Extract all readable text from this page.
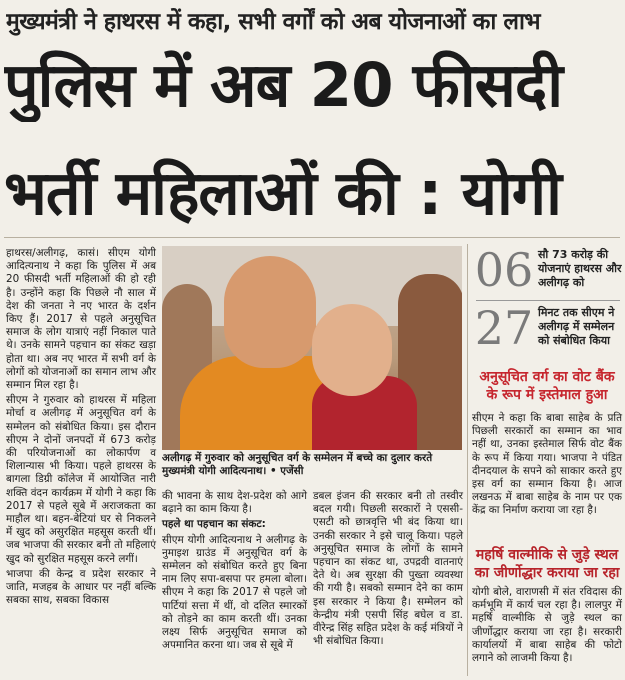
मुख्यमंत्री ने हाथरस में कहा, सभी वर्गों को अब योजनाओं का लाभ
पुलिस में अब 20 फीसदी
भर्ती महिलाओं की : योगी

हाथरस/अलीगढ़, कासं। सीएम योगी आदित्यनाथ ने कहा कि पुलिस में अब 20 फीसदी भर्ती महिलाओं की हो रही है। उन्होंने कहा कि पिछले नौ साल में देश की जनता ने नए भारत के दर्शन किए हैं। 2017 से पहले अनुसूचित समाज के लोग यात्राएं नहीं निकाल पाते थे। उनके सामने पहचान का संकट खड़ा होता था। अब नए भारत में सभी वर्ग के लोगों को योजनाओं का समान लाभ और सम्मान मिल रहा है।

सीएम ने गुरुवार को हाथरस में महिला मोर्चा व अलीगढ़ में अनुसूचित वर्ग के सम्मेलन को संबोधित किया। इस दौरान सीएम ने दोनों जनपदों में 673 करोड़ की परियोजनाओं का लोकार्पण व शिलान्यास भी किया। पहले हाथरस के बागला डिग्री कॉलेज में आयोजित नारी शक्ति वंदन कार्यक्रम में योगी ने कहा कि 2017 से पहले सूबे में अराजकता का माहौल था। बहन-बेटियां घर से निकलने में खुद को असुरक्षित महसूस करती थीं। जब भाजपा की सरकार बनी तो महिलाएं खुद को सुरक्षित महसूस करने लगीं।

भाजपा की केन्द्र व प्रदेश सरकार ने जाति, मजहब के आधार पर नहीं बल्कि सबका साथ, सबका विकास

अलीगढ़ में गुरुवार को अनुसूचित वर्ग के सम्मेलन में बच्चे का दुलार करते मुख्यमंत्री योगी आदित्यनाथ। • एजेंसी

की भावना के साथ देश-प्रदेश को आगे बढ़ाने का काम किया है।

पहले था पहचान का संकट:

सीएम योगी आदित्यनाथ ने अलीगढ़ के नुमाइश ग्राउंड में अनुसूचित वर्ग के सम्मेलन को संबोधित करते हुए बिना नाम लिए सपा-बसपा पर हमला बोला। सीएम ने कहा कि 2017 से पहले जो पार्टियां सत्ता में थीं, वो दलित स्मारकों को तोड़ने का काम करती थीं। उनका लक्ष्य सिर्फ अनुसूचित समाज को अपमानित करना था। जब से सूबे में

डबल इंजन की सरकार बनी तो तस्वीर बदल गयी। पिछली सरकारों ने एससी-एसटी को छात्रवृत्ति भी बंद किया था। उनकी सरकार ने इसे चालू किया। पहले अनुसूचित समाज के लोगों के सामने पहचान का संकट था, उपद्रवी वातनाएं देते थे। अब सुरक्षा की पुख्ता व्यवस्था की गयी है। सबको सम्मान देने का काम इस सरकार ने किया है। सम्मेलन को केन्द्रीय मंत्री एसपी सिंह बघेल व डा. वीरेन्द्र सिंह सहित प्रदेश के कई मंत्रियों ने भी संबोधित किया।

06 सौ 73 करोड़ की योजनाएं हाथरस और अलीगढ़ को
27 मिनट तक सीएम ने अलीगढ़ में सम्मेलन को संबोधित किया
अनुसूचित वर्ग का वोट बैंक के रूप में इस्तेमाल हुआ

सीएम ने कहा कि बाबा साहेब के प्रति पिछली सरकारों का सम्मान का भाव नहीं था, उनका इस्तेमाल सिर्फ वोट बैंक के रूप में किया गया। भाजपा ने पंडित दीनदयाल के सपने को साकार करते हुए इस वर्ग का सम्मान किया है। आज लखनऊ में बाबा साहेब के नाम पर एक केंद्र का निर्माण कराया जा रहा है।

महर्षि वाल्मीकि से जुड़े स्थल का जीर्णोद्धार कराया जा रहा

योगी बोले, वाराणसी में संत रविदास की कर्मभूमि में कार्य चल रहा है। लालपुर में महर्षि वाल्मीकि से जुड़े स्थल का जीर्णोद्धार कराया जा रहा है। सरकारी कार्यालयों में बाबा साहेब की फोटो लगाने को लाजमी किया है।
